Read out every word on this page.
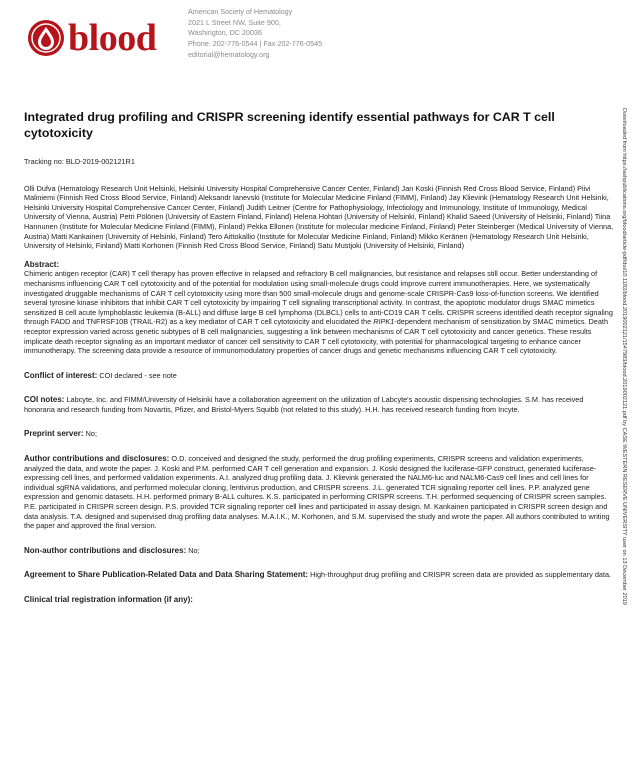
blood
American Society of Hematology
2021 L Street NW, Suite 900,
Washington, DC 20036
Phone: 202-776-0544 | Fax 202-776-0545
editorial@hematology.org
Downloaded from https://ashpublications.org/blood/article-pdf/doi/10.1182/blood.2019002121/1547983/blood.2019002121.pdf by CASE WESTERN RESERVE UNIVERSITY user on 13 December 2019
Integrated drug profiling and CRISPR screening identify essential pathways for CAR T cell cytotoxicity

Tracking no: BLD-2019-002121R1

Olli Dufva (Hematology Research Unit Helsinki, Helsinki University Hospital Comprehensive Cancer Center, Finland) Jan Koski (Finnish Red Cross Blood Service, Finland) Piivi Maliniemi (Finnish Red Cross Blood Service, Finland) Aleksandr Ianevski (Institute for Molecular Medicine Finland (FIMM), Finland) Jay Klievink (Hematology Research Unit Helsinki, Helsinki University Hospital Comprehensive Cancer Center, Finland) Judith Leitner (Centre for Pathophysiology, Infectiology and Immunology, Institute of Immunology, Medical University of Vienna, Austria) Petri Pölönen (University of Eastern Finland, Finland) Helena Hohtari (University of Helsinki, Finland) Khalid Saeed (University of Helsinki, Finland) Tiina Hannunen (Institute for Molecular Medicine Finland (FIMM), Finland) Pekka Ellonen (Institute for molecular medicine Finland, Finland) Peter Steinberger (Medical University of Vienna, Austria) Matti Kankainen (University of Helsinki, Finland) Tero Aittokallio (Institute for Molecular Medicine Finland, Finland) Mikko Keränen (Hematology Research Unit Helsinki, University of Helsinki, Finland) Matti Korhonen (Finnish Red Cross Blood Service, Finland) Satu Mustjoki (University of Helsinki, Finland)

Abstract:
Chimeric antigen receptor (CAR) T cell therapy has proven effective in relapsed and refractory B cell malignancies, but resistance and relapses still occur. Better understanding of mechanisms influencing CAR T cell cytotoxicity and of the potential for modulation using small-molecule drugs could improve current immunotherapies. Here, we systematically investigated druggable mechanisms of CAR T cell cytotoxicity using more than 500 small-molecule drugs and genome-scale CRISPR-Cas9 loss-of-function screens. We identified several tyrosine kinase inhibitors that inhibit CAR T cell cytotoxicity by impairing T cell signaling transcriptional activity. In contrast, the apoptotic modulator drugs SMAC mimetics sensitized B cell acute lymphoblastic leukemia (B-ALL) and diffuse large B cell lymphoma (DLBCL) cells to anti-CD19 CAR T cells. CRISPR screens identified death receptor signaling through FADD and TNFRSF10B (TRAIL-R2) as a key mediator of CAR T cell cytotoxicity and elucidated the RIPK1-dependent mechanism of sensitization by SMAC mimetics. Death receptor expression varied across genetic subtypes of B cell malignancies, suggesting a link between mechanisms of CAR T cell cytotoxicity and cancer genetics. These results implicate death receptor signaling as an important mediator of cancer cell sensitivity to CAR T cell cytotoxicity, with potential for pharmacological targeting to enhance cancer immunotherapy. The screening data provide a resource of immunomodulatory properties of cancer drugs and genetic mechanisms influencing CAR T cell cytotoxicity.
Conflict of interest: COI declared - see note
COI notes: Labcyte, Inc. and FIMM/University of Helsinki have a collaboration agreement on the utilization of Labcyte's acoustic dispensing technologies. S.M. has received honoraria and research funding from Novartis, Pfizer, and Bristol-Myers Squibb (not related to this study). H.H. has received research funding from Incyte.
Preprint server: No;
Author contributions and disclosures: O.D. conceived and designed the study, performed the drug profiling experiments, CRISPR screens and validation experiments, analyzed the data, and wrote the paper. J. Koski and P.M. performed CAR T cell generation and expansion. J. Koski designed the luciferase-GFP construct, generated luciferase-expressing cell lines, and performed validation experiments. A.I. analyzed drug profiling data. J. Klievink generated the NALM6-luc and NALM6-Cas9 cell lines and cell lines for individual sgRNA validations, and performed molecular cloning, lentivirus production, and CRISPR screens. J.L. generated TCR signaling reporter cell lines. P.P. analyzed gene expression and genomic datasets. H.H. performed primary B-ALL cultures. K.S. participated in performing CRISPR screens. T.H. performed sequencing of CRISPR screen samples. P.E. participated in CRISPR screen design. P.S. provided TCR signaling reporter cell lines and participated in assay design. M. Kankainen participated in CRISPR screen design and data analysis. T.A. designed and supervised drug profiling data analyses. M.A.I.K., M. Korhonen, and S.M. supervised the study and wrote the paper. All authors contributed to writing the paper and approved the final version.
Non-author contributions and disclosures: No;
Agreement to Share Publication-Related Data and Data Sharing Statement: High-throughput drug profiling and CRISPR screen data are provided as supplementary data.
Clinical trial registration information (if any):
